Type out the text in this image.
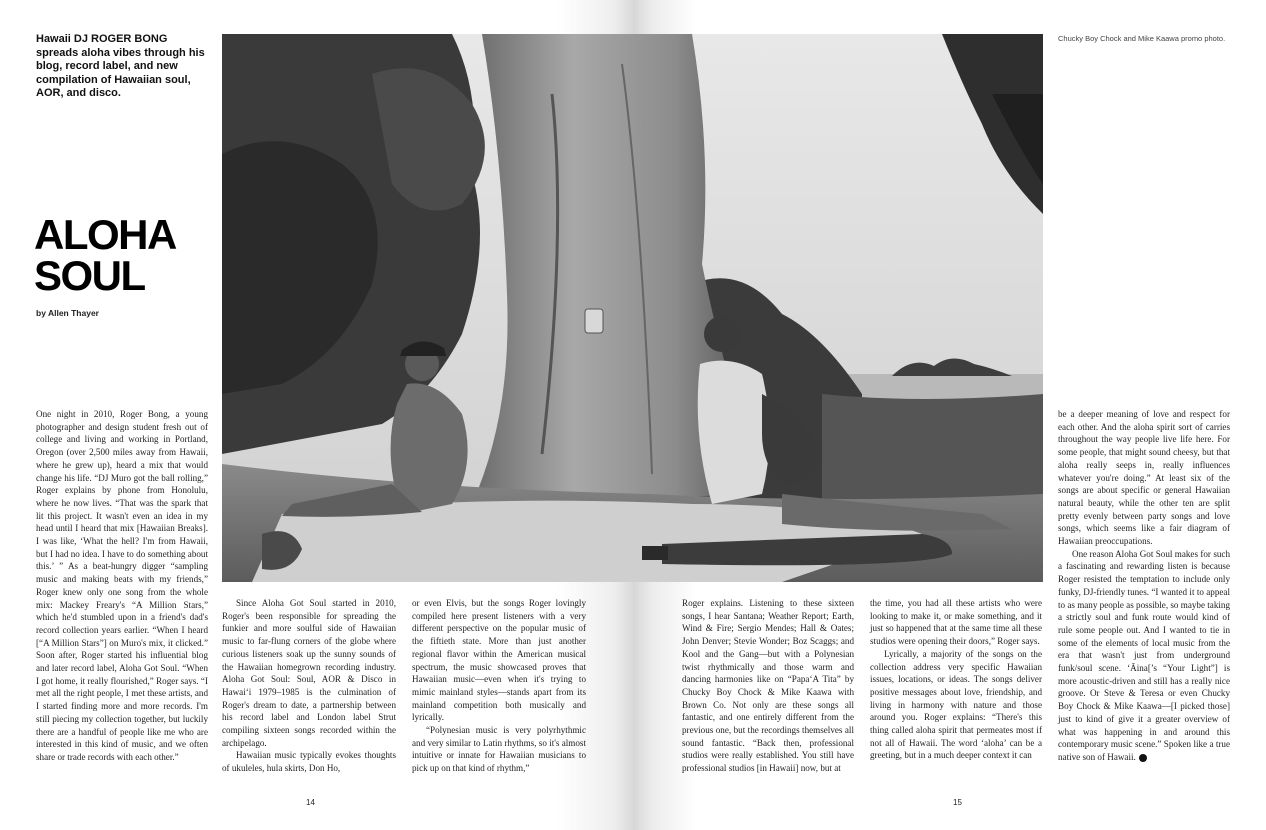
Hawaii DJ ROGER BONG spreads aloha vibes through his blog, record label, and new compilation of Hawaiian soul, AOR, and disco.
ALOHA
SOUL
by Allen Thayer
Chucky Boy Chock and Mike Kaawa promo photo.

One night in 2010, Roger Bong, a young photographer and design student fresh out of college and living and working in Portland, Oregon (over 2,500 miles away from Hawaii, where he grew up), heard a mix that would change his life. “DJ Muro got the ball rolling,” Roger explains by phone from Honolulu, where he now lives. “That was the spark that lit this project. It wasn't even an idea in my head until I heard that mix [Hawaiian Breaks]. I was like, ‘What the hell? I'm from Hawaii, but I had no idea. I have to do something about this.’ ” As a beat-hungry digger “sampling music and making beats with my friends,” Roger knew only one song from the whole mix: Mackey Freary's “A Million Stars,” which he'd stumbled upon in a friend's dad's record collection years earlier. “When I heard [“A Million Stars”] on Muro's mix, it clicked.” Soon after, Roger started his influential blog and later record label, Aloha Got Soul. “When I got home, it really flourished,” Roger says. “I met all the right people, I met these artists, and I started finding more and more records. I'm still piecing my collection together, but luckily there are a handful of people like me who are interested in this kind of music, and we often share or trade records with each other.”

Since Aloha Got Soul started in 2010, Roger's been responsible for spreading the funkier and more soulful side of Hawaiian music to far-flung corners of the globe where curious listeners soak up the sunny sounds of the Hawaiian homegrown recording industry. Aloha Got Soul: Soul, AOR & Disco in Hawai‘i 1979–1985 is the culmination of Roger's dream to date, a partnership between his record label and London label Strut compiling sixteen songs recorded within the archipelago.

Hawaiian music typically evokes thoughts of ukuleles, hula skirts, Don Ho,

or even Elvis, but the songs Roger lovingly compiled here present listeners with a very different perspective on the popular music of the fiftieth state. More than just another regional flavor within the American musical spectrum, the music showcased proves that Hawaiian music—even when it's trying to mimic mainland styles—stands apart from its mainland competition both musically and lyrically.

“Polynesian music is very polyrhythmic and very similar to Latin rhythms, so it's almost intuitive or innate for Hawaiian musicians to pick up on that kind of rhythm,”

Roger explains. Listening to these sixteen songs, I hear Santana; Weather Report; Earth, Wind & Fire; Sergio Mendes; Hall & Oates; John Denver; Stevie Wonder; Boz Scaggs; and Kool and the Gang—but with a Polynesian twist rhythmically and those warm and dancing harmonies like on “Papa‘A Tita” by Chucky Boy Chock & Mike Kaawa with Brown Co. Not only are these songs all fantastic, and one entirely different from the previous one, but the recordings themselves all sound fantastic. “Back then, professional studios were really established. You still have professional studios [in Hawaii] now, but at

the time, you had all these artists who were looking to make it, or make something, and it just so happened that at the same time all these studios were opening their doors,” Roger says.

Lyrically, a majority of the songs on the collection address very specific Hawaiian issues, locations, or ideas. The songs deliver positive messages about love, friendship, and living in harmony with nature and those around you. Roger explains: “There's this thing called aloha spirit that permeates most if not all of Hawaii. The word ‘aloha’ can be a greeting, but in a much deeper context it can

be a deeper meaning of love and respect for each other. And the aloha spirit sort of carries throughout the way people live life here. For some people, that might sound cheesy, but that aloha really seeps in, really influences whatever you're doing.” At least six of the songs are about specific or general Hawaiian natural beauty, while the other ten are split pretty evenly between party songs and love songs, which seems like a fair diagram of Hawaiian preoccupations.

One reason Aloha Got Soul makes for such a fascinating and rewarding listen is because Roger resisted the temptation to include only funky, DJ-friendly tunes. “I wanted it to appeal to as many people as possible, so maybe taking a strictly soul and funk route would kind of rule some people out. And I wanted to tie in some of the elements of local music from the era that wasn't just from underground funk/soul scene. ‘Āina[’s “Your Light”] is more acoustic-driven and still has a really nice groove. Or Steve & Teresa or even Chucky Boy Chock & Mike Kaawa—[I picked those] just to kind of give it a greater overview of what was happening in and around this contemporary music scene.” Spoken like a true native son of Hawaii.	■

14	15
